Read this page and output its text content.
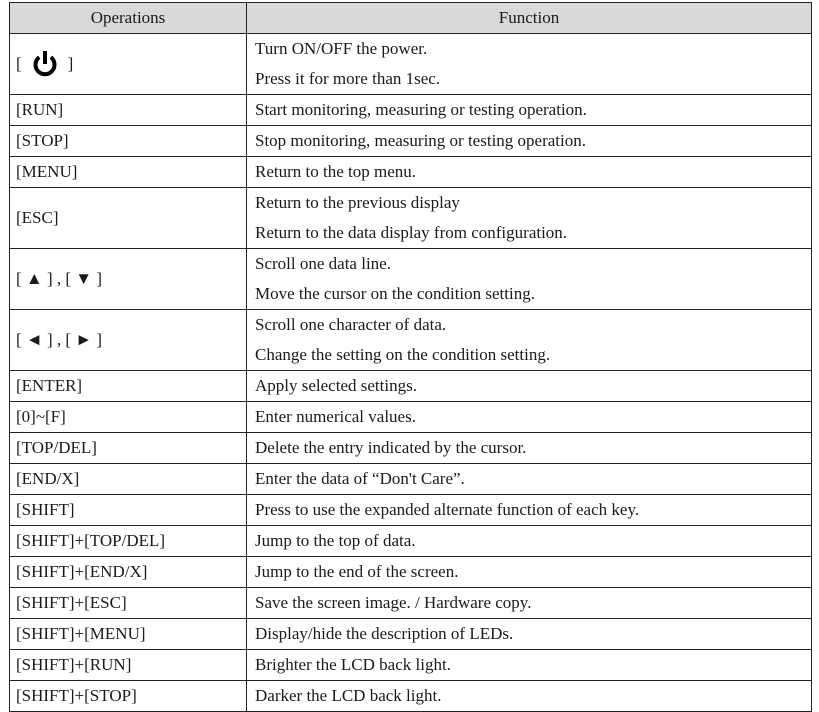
Operations	Function

[ ]	Turn ON/OFF the power.
	Press it for more than 1sec.
[RUN]	Start monitoring, measuring or testing operation.
[STOP]	Stop monitoring, measuring or testing operation.
[MENU]	Return to the top menu.
[ESC]	Return to the previous display
	Return to the data display from configuration.
[ ▲ ] , [ ▼ ]	Scroll one data line.
	Move the cursor on the condition setting.
[ ◄ ] , [ ► ]	Scroll one character of data.
	Change the setting on the condition setting.
[ENTER]	Apply selected settings.
[0]~[F]	Enter numerical values.
[TOP/DEL]	Delete the entry indicated by the cursor.
[END/X]	Enter the data of “Don't Care”.
[SHIFT]	Press to use the expanded alternate function of each key.
[SHIFT]+[TOP/DEL]	Jump to the top of data.
[SHIFT]+[END/X]	Jump to the end of the screen.
[SHIFT]+[ESC]	Save the screen image. / Hardware copy.
[SHIFT]+[MENU]	Display/hide the description of LEDs.
[SHIFT]+[RUN]	Brighter the LCD back light.
[SHIFT]+[STOP]	Darker the LCD back light.
